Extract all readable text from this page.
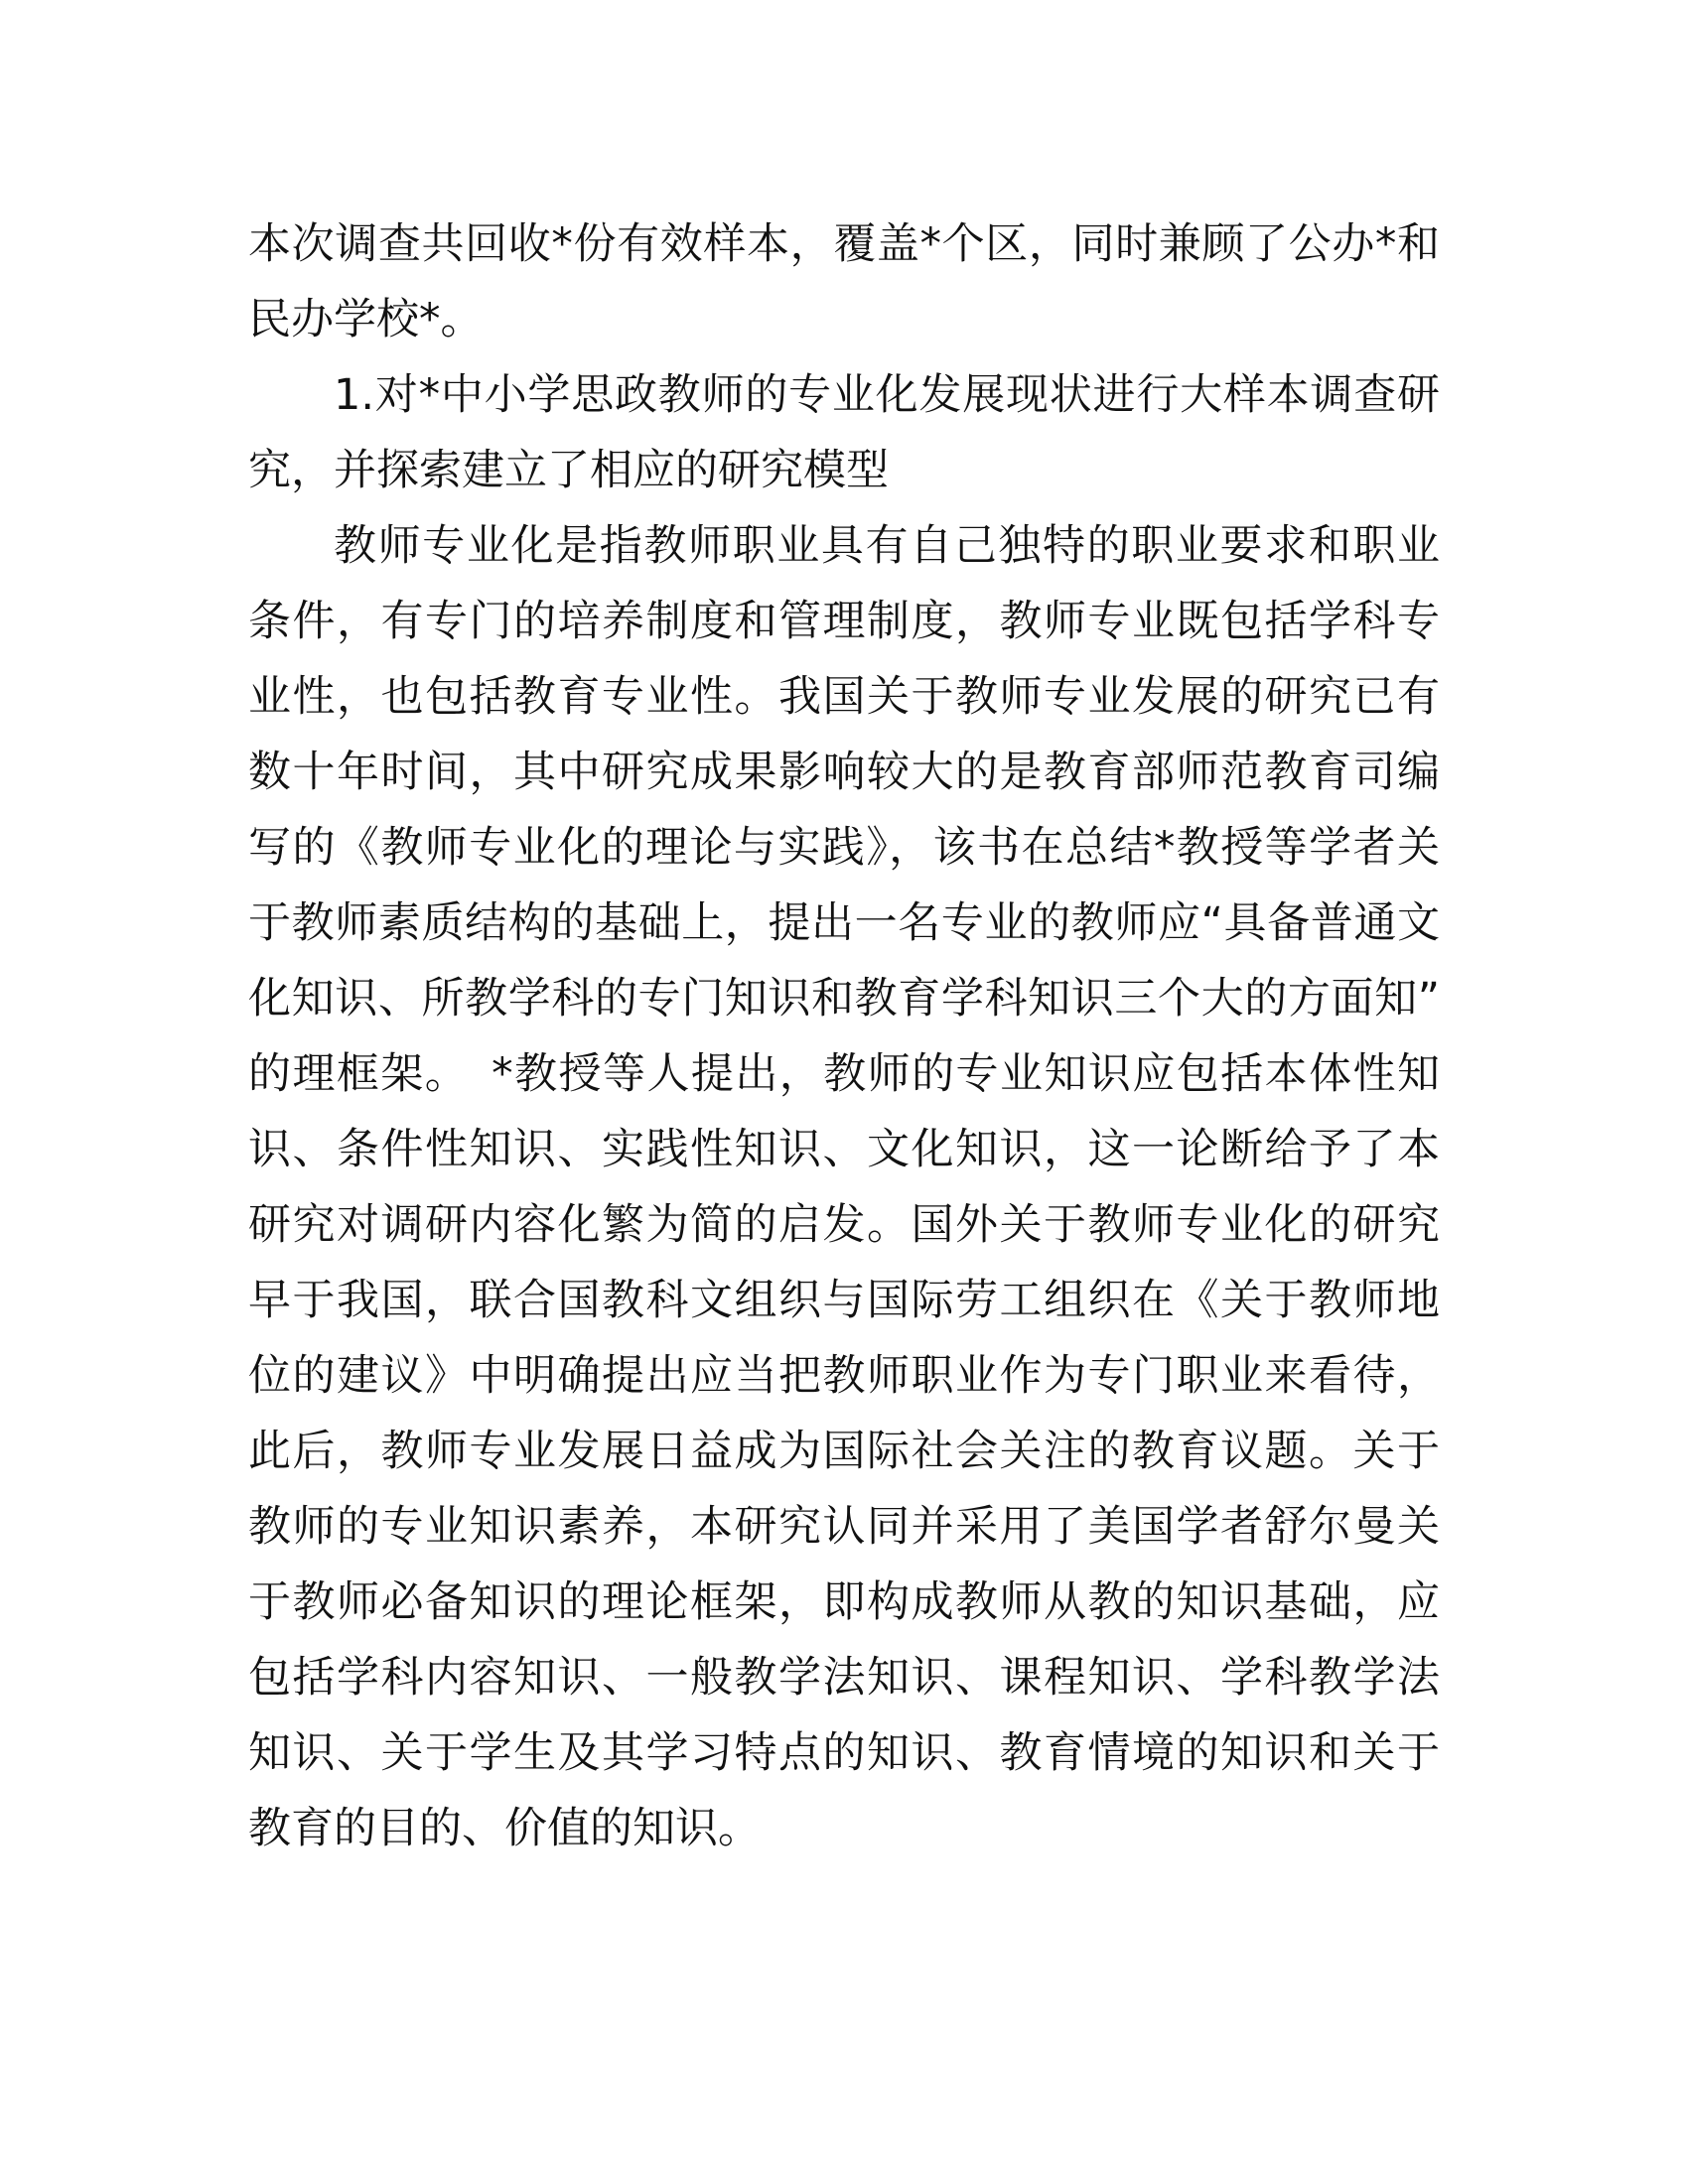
本次调查共回收*份有效样本，覆盖*个区，同时兼顾了公办*和民办学校*。

1.对*中小学思政教师的专业化发展现状进行大样本调查研究，并探索建立了相应的研究模型

教师专业化是指教师职业具有自己独特的职业要求和职业条件，有专门的培养制度和管理制度，教师专业既包括学科专业性，也包括教育专业性。我国关于教师专业发展的研究已有数十年时间，其中研究成果影响较大的是教育部师范教育司编写的《教师专业化的理论与实践》，该书在总结*教授等学者关于教师素质结构的基础上，提出一名专业的教师应“具备普通文化知识、所教学科的专门知识和教育学科知识三个大的方面知”　的理框架。　*教授等人提出，教师的专业知识应包括本体性知识、条件性知识、实践性知识、文化知识，这一论断给予了本研究对调研内容化繁为简的启发。国外关于教师专业化的研究早于我国，联合国教科文组织与国际劳工组织在《关于教师地位的建议》中明确提出应当把教师职业作为专门职业来看待，此后，教师专业发展日益成为国际社会关注的教育议题。关于教师的专业知识素养，本研究认同并采用了美国学者舒尔曼关于教师必备知识的理论框架，即构成教师从教的知识基础，应包括学科内容知识、一般教学法知识、课程知识、学科教学法知识、关于学生及其学习特点的知识、教育情境的知识和关于教育的目的、价值的知识。
